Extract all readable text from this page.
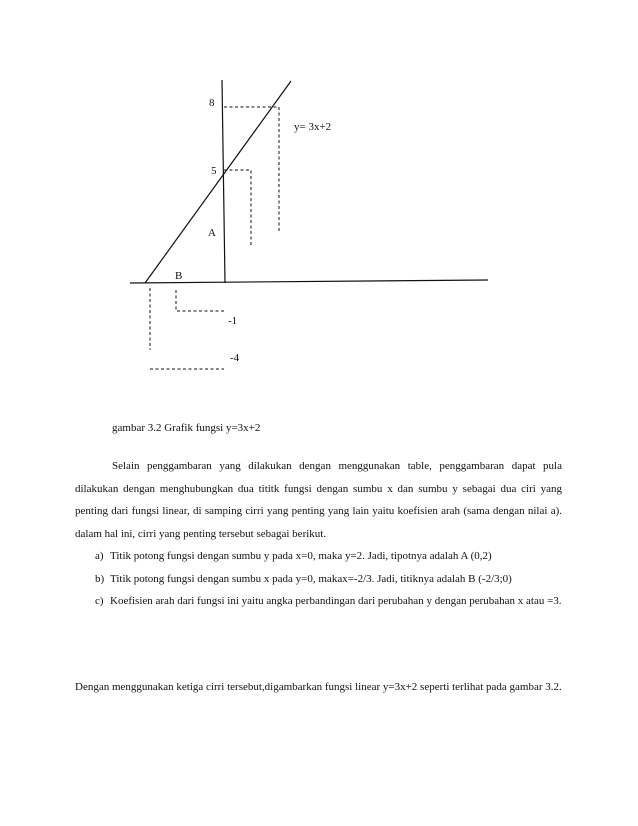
8
5
y= 3x+2
A
B
-1
-4
gambar 3.2 Grafik fungsi y=3x+2

Selain penggambaran yang dilakukan dengan menggunakan table, penggambaran dapat pula dilakukan dengan menghubungkan dua tititk fungsi dengan sumbu x dan sumbu y sebagai dua ciri yang penting dari fungsi linear, di samping cirri yang penting yang lain yaitu koefisien arah (sama dengan nilai a). dalam hal ini, cirri yang penting tersebut sebagai berikut.

a) Titik potong fungsi dengan sumbu y pada x=0, maka y=2. Jadi, tipotnya adalah A (0,2)
b) Titik potong fungsi dengan sumbu x pada y=0, makax=-2/3. Jadi, titiknya adalah B (-2/3;0)
c) Koefisien arah dari fungsi ini yaitu angka perbandingan dari perubahan y dengan perubahan x atau =3.

Dengan menggunakan ketiga cirri tersebut,digambarkan fungsi linear y=3x+2 seperti terlihat pada gambar 3.2.
